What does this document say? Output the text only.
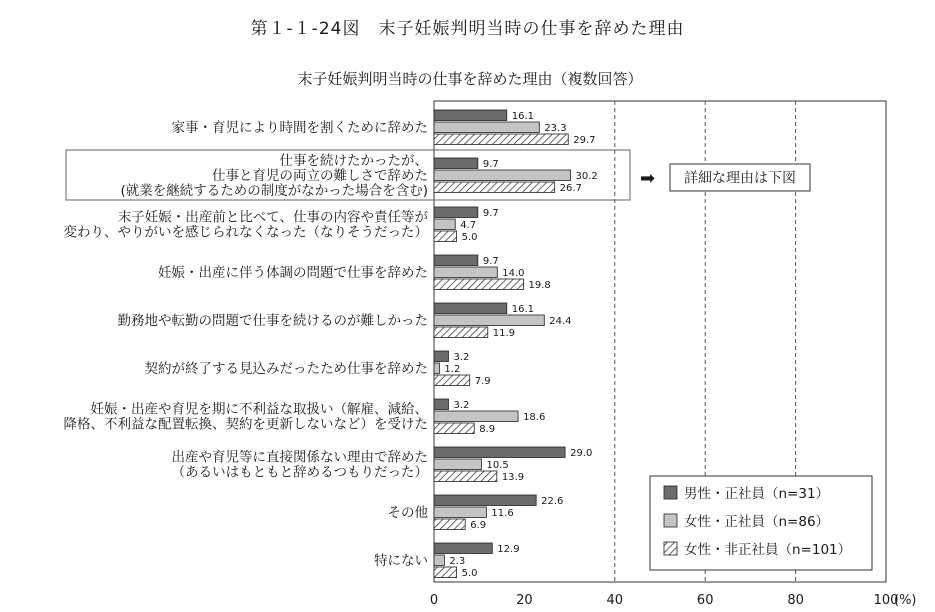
第１-１-24図　末子妊娠判明当時の仕事を辞めた理由
末子妊娠判明当時の仕事を辞めた理由（複数回答）
16.1
9.7
9.7
9.7
16.1
3.2
3.2
29.0
22.6
12.9
23.3
30.2
4.7
14.0
24.4
1.2
18.6
10.5
11.6
2.3
29.7
26.7
5.0
19.8
11.9
7.9
8.9
13.9
6.9
5.0
家事・育児により時間を割くために辞めた
仕事を続けたかったが、
仕事と育児の両立の難しさで辞めた
(就業を継続するための制度がなかった場合を含む)
末子妊娠・出産前と比べて、仕事の内容や責任等が
変わり、やりがいを感じられなくなった（なりそうだった）
妊娠・出産に伴う体調の問題で仕事を辞めた
勤務地や転勤の問題で仕事を続けるのが難しかった
契約が終了する見込みだったため仕事を辞めた
妊娠・出産や育児を期に不利益な取扱い（解雇、減給、
降格、不利益な配置転換、契約を更新しないなど）を受けた
出産や育児等に直接関係ない理由で辞めた
（あるいはもともと辞めるつもりだった）
その他
特にない
0	20	40	60	80	100
(%)
男性・正社員（n=31）
女性・正社員（n=86）
女性・非正社員（n=101）
➡ 詳細な理由は下図
